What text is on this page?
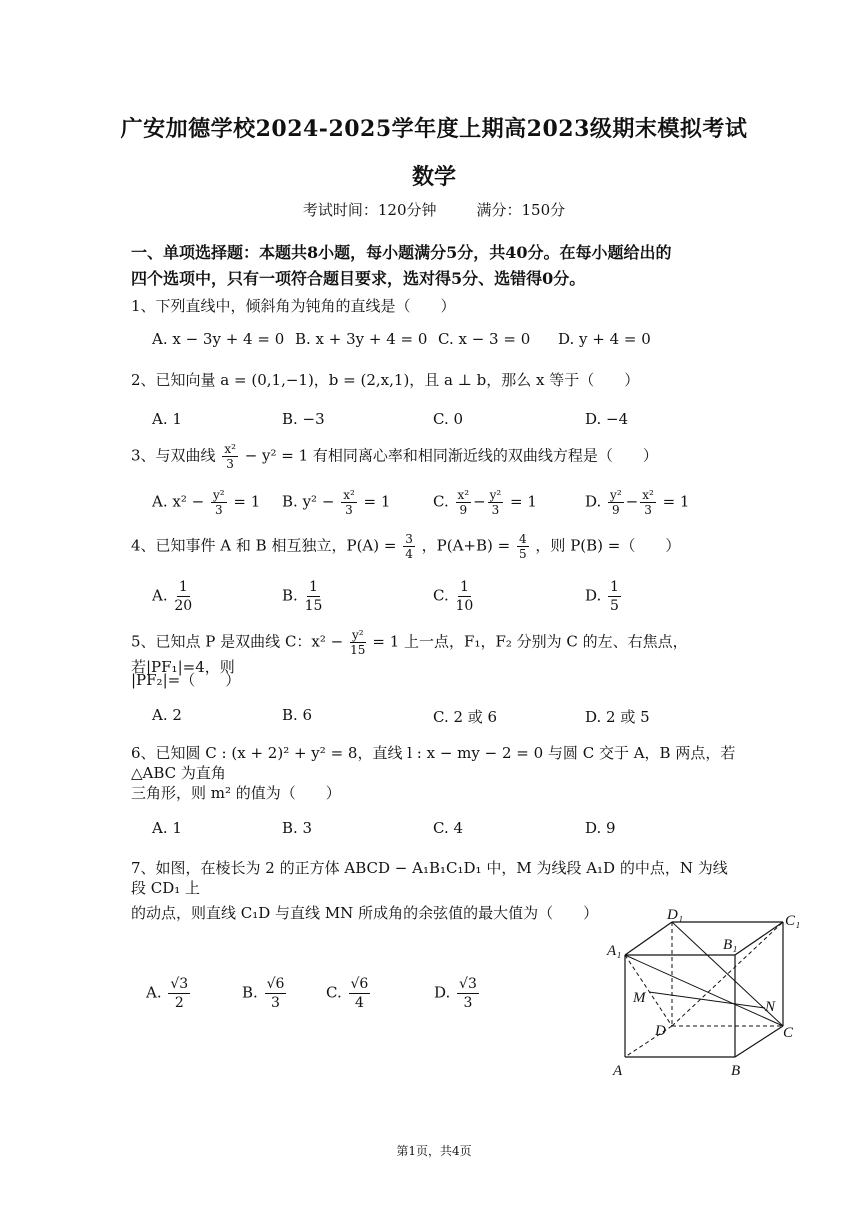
广安加德学校2024-2025学年度上期高2023级期末模拟考试
数学
考试时间：120分钟	满分：150分
一、单项选择题：本题共8小题，每小题满分5分，共40分。在每小题给出的
四个选项中，只有一项符合题目要求，选对得5分、选错得0分。
1、下列直线中，倾斜角为钝角的直线是（　　）
A. x − 3y + 4 = 0 B. x + 3y + 4 = 0 C. x − 3 = 0 D. y + 4 = 0
2、已知向量 a = (0,1,−1)，b = (2,x,1)，且 a ⊥ b，那么 x 等于（　　）
A. 1	B. −3	C. 0	D. −4
3、与双曲线 $\frac{\text{x²}}{3} - y^2 = 1$ 有相同离心率和相同渐近线的双曲线方程是（　　）
A. $x^2 - \frac{\text{y²}}{3} = 1$ B. $y^2 - \frac{\text{x²}}{3} = 1$	C. $\frac{\text{x²}}{9} - \frac{\text{y²}}{3} = 1$	D. $\frac{\text{y²}}{9} - \frac{\text{x²}}{3} = 1$
4、已知事件 A 和 B 相互独立，$P(A) = \frac{3}{4}$ ，$P(A+B) = \frac{4}{5}$ ，则 P(B) =（　　）
A. $\frac{1}{20}$	B. $\frac{1}{15}$	C. $\frac{1}{10}$	D. $\frac{1}{5}$
5、已知点 P 是双曲线 C：$x^2 - \frac{\text{y²}}{15} = 1$ 上一点，F₁，F₂ 分别为 C 的左、右焦点，若|PF₁|=4，则
|PF₂|=（　　）
A. 2	B. 6	C. 2 或 6	D. 2 或 5
6、已知圆 C : (x + 2)² + y² = 8，直线 l : x − my − 2 = 0 与圆 C 交于 A，B 两点，若△ABC 为直角
三角形，则 m² 的值为（　　）
A. 1	B. 3	C. 4	D. 9
7、如图，在棱长为 2 的正方体 ABCD − A₁B₁C₁D₁ 中，M 为线段 A₁D 的中点，N 为线段 CD₁ 上
的动点，则直线 C₁D 与直线 MN 所成角的余弦值的最大值为（　　）
A. $\frac{√3}{2}$	B. $\frac{√6}{3}$	C. $\frac{√6}{4}$	D. $\frac{√3}{3}$
A	B
C
D
A₁	B₁
C₁
D₁
M
N
第1页，共4页
